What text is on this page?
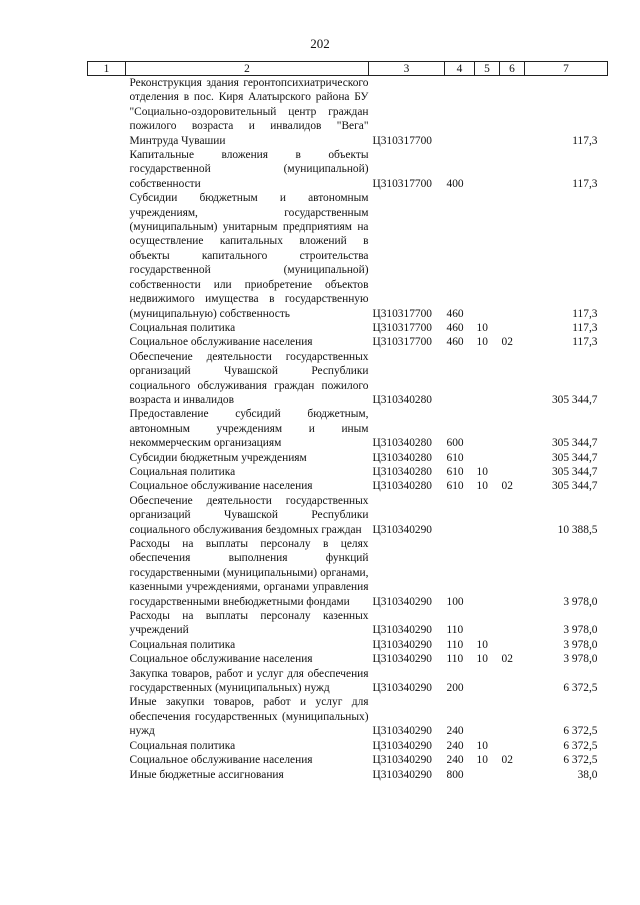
202
1	2	3	4	5	6	7
Реконструкция здания геронтопсихиатрического отделения в пос. Киря Алатырского района БУ "Социально-оздоровительный центр граждан пожилого возраста и инвалидов "Вега" Минтруда Чувашии		Ц310317700				117,3
Капитальные вложения в объекты государственной (муниципальной) собственности		Ц310317700	400			117,3
Субсидии бюджетным и автономным учреждениям, государственным (муниципальным) унитарным предприятиям на осуществление капитальных вложений в объекты капитального строительства государственной (муниципальной) собственности или приобретение объектов недвижимого имущества в государственную (муниципальную) собственность		Ц310317700	460			117,3
Социальная политика		Ц310317700	460	10		117,3
Социальное обслуживание населения		Ц310317700	460	10	02	117,3
Обеспечение деятельности государственных организаций Чувашской Республики социального обслуживания граждан пожилого возраста и инвалидов		Ц310340280				305 344,7
Предоставление субсидий бюджетным, автономным учреждениям и иным некоммерческим организациям		Ц310340280	600			305 344,7
Субсидии бюджетным учреждениям		Ц310340280	610			305 344,7
Социальная политика		Ц310340280	610	10		305 344,7
Социальное обслуживание населения		Ц310340280	610	10	02	305 344,7
Обеспечение деятельности государственных организаций Чувашской Республики социального обслуживания бездомных граждан		Ц310340290				10 388,5
Расходы на выплаты персоналу в целях обеспечения выполнения функций государственными (муниципальными) органами, казенными учреждениями, органами управления государственными внебюджетными фондами		Ц310340290	100			3 978,0
Расходы на выплаты персоналу казенных учреждений		Ц310340290	110			3 978,0
Социальная политика		Ц310340290	110	10		3 978,0
Социальное обслуживание населения		Ц310340290	110	10	02	3 978,0
Закупка товаров, работ и услуг для обеспечения государственных (муниципальных) нужд		Ц310340290	200			6 372,5
Иные закупки товаров, работ и услуг для обеспечения государственных (муниципальных) нужд		Ц310340290	240			6 372,5
Социальная политика		Ц310340290	240	10		6 372,5
Социальное обслуживание населения		Ц310340290	240	10	02	6 372,5
Иные бюджетные ассигнования		Ц310340290	800			38,0
